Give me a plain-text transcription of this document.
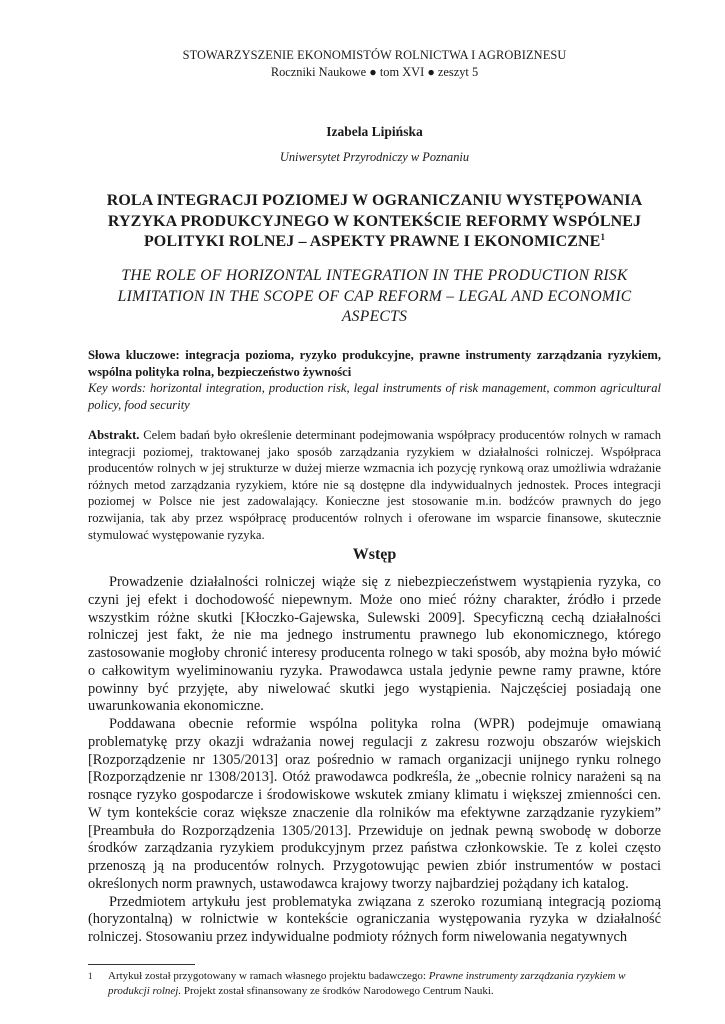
STOWARZYSZENIE EKONOMISTÓW ROLNICTWA I AGROBIZNESU
Roczniki Naukowe ● tom XVI ● zeszyt 5
Izabela Lipińska
Uniwersytet Przyrodniczy w Poznaniu
ROLA INTEGRACJI POZIOMEJ W OGRANICZANIU WYSTĘPOWANIA
RYZYKA PRODUKCYJNEGO W KONTEKŚCIE REFORMY WSPÓLNEJ
POLITYKI ROLNEJ – ASPEKTY PRAWNE I EKONOMICZNE$^1$
THE ROLE OF HORIZONTAL INTEGRATION IN THE PRODUCTION RISK
LIMITATION IN THE SCOPE OF CAP REFORM – LEGAL AND ECONOMIC
ASPECTS
Słowa kluczowe: integracja pozioma, ryzyko produkcyjne, prawne instrumenty zarządzania ryzykiem, wspólna polityka rolna, bezpieczeństwo żywności
Key words: horizontal integration, production risk, legal instruments of risk management, common agricultural policy, food security
Abstrakt. Celem badań było określenie determinant podejmowania współpracy producentów rolnych w ramach integracji poziomej, traktowanej jako sposób zarządzania ryzykiem w działalności rolniczej. Współpraca producentów rolnych w jej strukturze w dużej mierze wzmacnia ich pozycję rynkową oraz umożliwia wdrażanie różnych metod zarządzania ryzykiem, które nie są dostępne dla indywidualnych jednostek. Proces integracji poziomej w Polsce nie jest zadowalający. Konieczne jest stosowanie m.in. bodźców prawnych do jego rozwijania, tak aby przez współpracę producentów rolnych i oferowane im wsparcie finansowe, skutecznie stymulować występowanie ryzyka.
Wstęp

Prowadzenie działalności rolniczej wiąże się z niebezpieczeństwem wystąpienia ryzyka, co czyni jej efekt i dochodowość niepewnym. Może ono mieć różny charakter, źródło i przede wszystkim różne skutki [Kłoczko-Gajewska, Sulewski 2009]. Specyficzną cechą działalności rolniczej jest fakt, że nie ma jednego instrumentu prawnego lub ekonomicznego, którego zastosowanie mogłoby chronić interesy producenta rolnego w taki sposób, aby można było mówić o całkowitym wyeliminowaniu ryzyka. Prawodawca ustala jedynie pewne ramy prawne, które powinny być przyjęte, aby niwelować skutki jego wystąpienia. Najczęściej posiadają one uwarunkowania ekonomiczne.

Poddawana obecnie reformie wspólna polityka rolna (WPR) podejmuje omawianą problematykę przy okazji wdrażania nowej regulacji z zakresu rozwoju obszarów wiejskich [Rozporządzenie nr 1305/2013] oraz pośrednio w ramach organizacji unijnego rynku rolnego [Rozporządzenie nr 1308/2013]. Otóż prawodawca podkreśla, że „obecnie rolnicy narażeni są na rosnące ryzyko gospodarcze i środowiskowe wskutek zmiany klimatu i większej zmienności cen. W tym kontekście coraz większe znaczenie dla rolników ma efektywne zarządzanie ryzykiem” [Preambuła do Rozporządzenia 1305/2013]. Przewiduje on jednak pewną swobodę w doborze środków zarządzania ryzykiem produkcyjnym przez państwa członkowskie. Te z kolei często przenoszą ją na producentów rolnych. Przygotowując pewien zbiór instrumentów w postaci określonych norm prawnych, ustawodawca krajowy tworzy najbardziej pożądany ich katalog.

Przedmiotem artykułu jest problematyka związana z szeroko rozumianą integracją poziomą (horyzontalną) w rolnictwie w kontekście ograniczania występowania ryzyka w działalność rolniczej. Stosowaniu przez indywidualne podmioty różnych form niwelowania negatywnych

1	Artykuł został przygotowany w ramach własnego projektu badawczego: Prawne instrumenty zarządzania ryzykiem w produkcji rolnej. Projekt został sfinansowany ze środków Narodowego Centrum Nauki.
